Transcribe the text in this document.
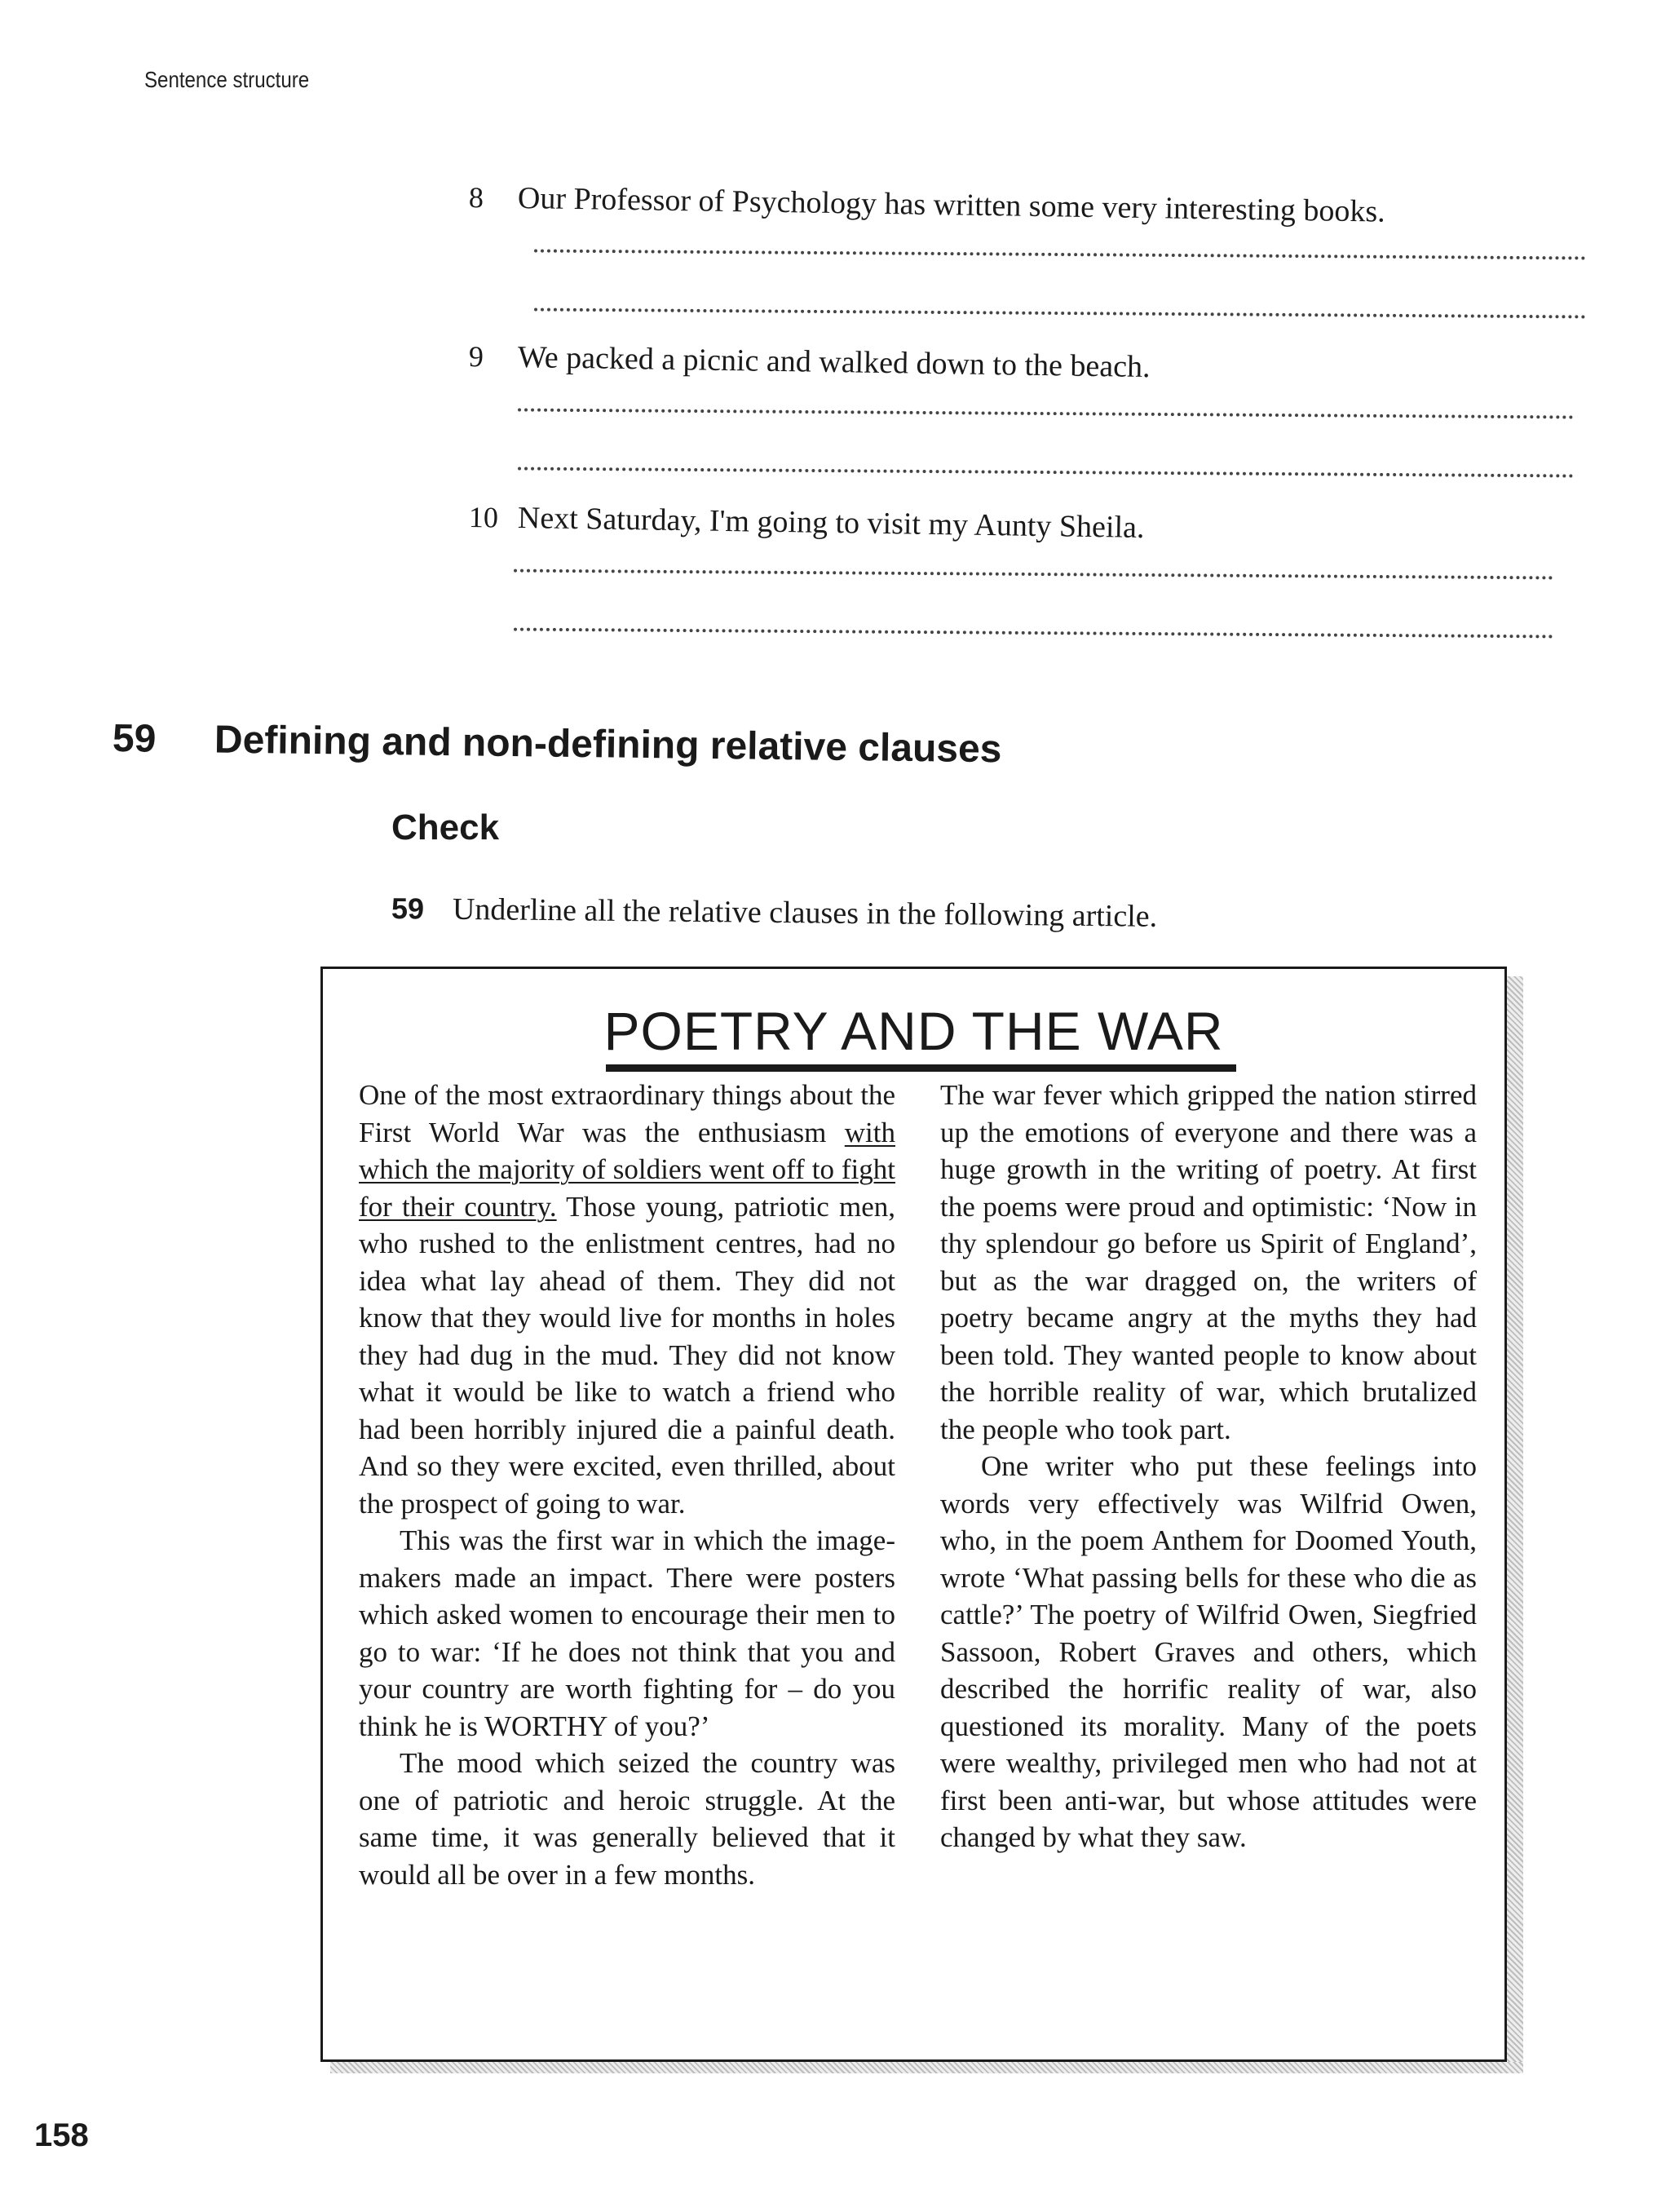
Sentence structure
8	Our Professor of Psychology has written some very interesting books.
9	We packed a picnic and walked down to the beach.
10 Next Saturday, I'm going to visit my Aunty Sheila.
59	Defining and non-defining relative clauses
Check
59 Underline all the relative clauses in the following article.
POETRY AND THE WAR

One of the most extraordinary things about the First World War was the enthusiasm with which the majority of soldiers went off to fight for their country. Those young, patriotic men, who rushed to the enlistment centres, had no idea what lay ahead of them. They did not know that they would live for months in holes they had dug in the mud. They did not know what it would be like to watch a friend who had been horribly injured die a painful death. And so they were excited, even thrilled, about the prospect of going to war.

This was the first war in which the image-makers made an impact. There were posters which asked women to encourage their men to go to war: ‘If he does not think that you and your country are worth fighting for – do you think he is WORTHY of you?’

The mood which seized the country was one of patriotic and heroic struggle. At the same time, it was generally believed that it would all be over in a few months.

The war fever which gripped the nation stirred up the emotions of everyone and there was a huge growth in the writing of poetry. At first the poems were proud and optimistic: ‘Now in thy splendour go before us Spirit of England’, but as the war dragged on, the writers of poetry became angry at the myths they had been told. They wanted people to know about the horrible reality of war, which brutalized the people who took part.

One writer who put these feelings into words very effectively was Wilfrid Owen, who, in the poem Anthem for Doomed Youth, wrote ‘What passing bells for these who die as cattle?’ The poetry of Wilfrid Owen, Siegfried Sassoon, Robert Graves and others, which described the horrific reality of war, also questioned its morality. Many of the poets were wealthy, privileged men who had not at first been anti-war, but whose attitudes were changed by what they saw.

158
